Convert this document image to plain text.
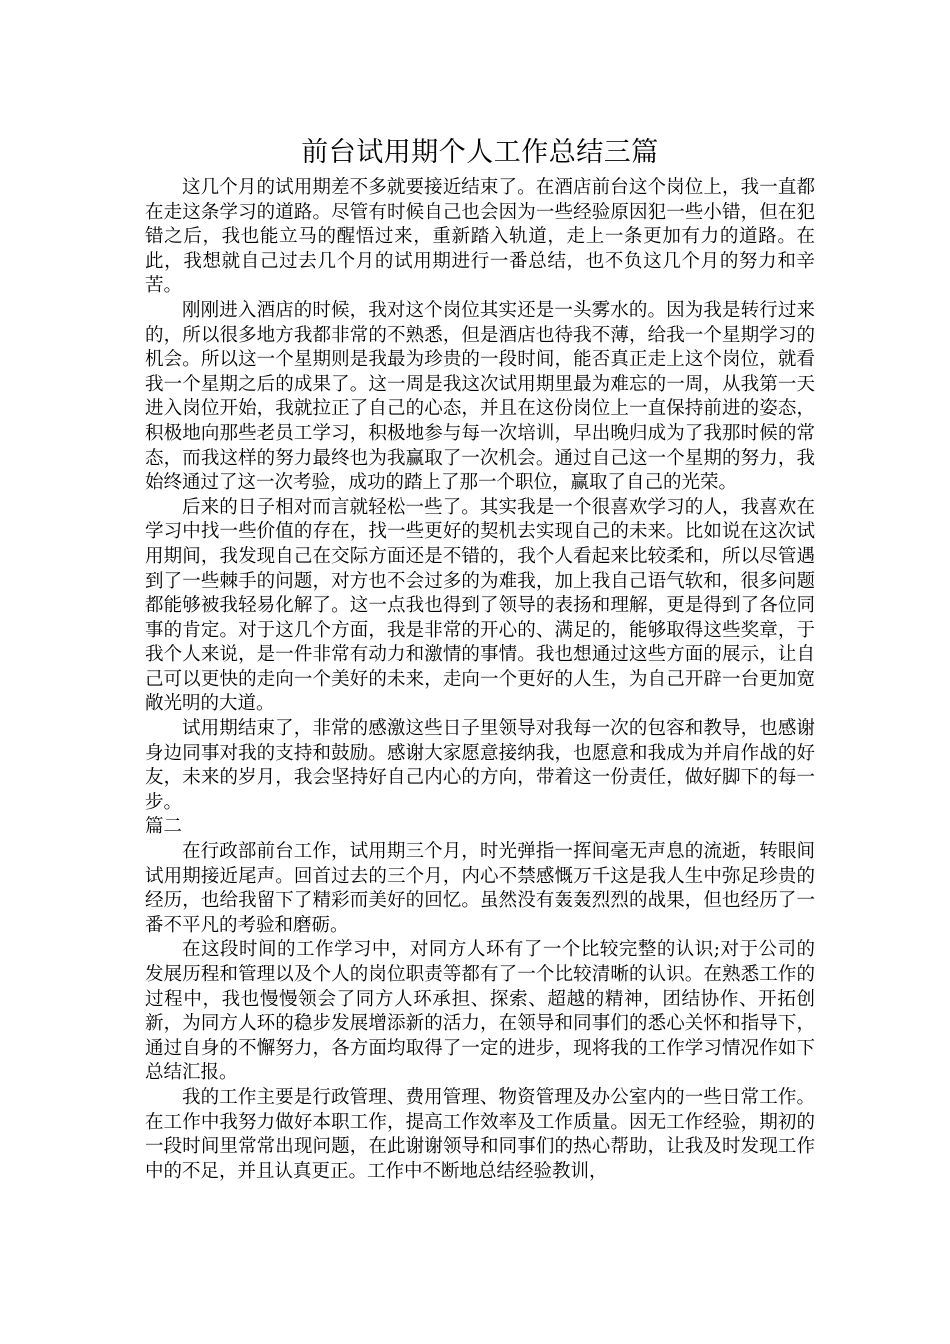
前台试用期个人工作总结三篇

这几个月的试用期差不多就要接近结束了。在酒店前台这个岗位上，我一直都在走这条学习的道路。尽管有时候自己也会因为一些经验原因犯一些小错，但在犯错之后，我也能立马的醒悟过来，重新踏入轨道，走上一条更加有力的道路。在此，我想就自己过去几个月的试用期进行一番总结，也不负这几个月的努力和辛苦。

刚刚进入酒店的时候，我对这个岗位其实还是一头雾水的。因为我是转行过来的，所以很多地方我都非常的不熟悉，但是酒店也待我不薄，给我一个星期学习的机会。所以这一个星期则是我最为珍贵的一段时间，能否真正走上这个岗位，就看我一个星期之后的成果了。这一周是我这次试用期里最为难忘的一周，从我第一天进入岗位开始，我就拉正了自己的心态，并且在这份岗位上一直保持前进的姿态，积极地向那些老员工学习，积极地参与每一次培训，早出晚归成为了我那时候的常态，而我这样的努力最终也为我赢取了一次机会。通过自己这一个星期的努力，我始终通过了这一次考验，成功的踏上了那一个职位，赢取了自己的光荣。

后来的日子相对而言就轻松一些了。其实我是一个很喜欢学习的人，我喜欢在学习中找一些价值的存在，找一些更好的契机去实现自己的未来。比如说在这次试用期间，我发现自己在交际方面还是不错的，我个人看起来比较柔和，所以尽管遇到了一些棘手的问题，对方也不会过多的为难我，加上我自己语气软和，很多问题都能够被我轻易化解了。这一点我也得到了领导的表扬和理解，更是得到了各位同事的肯定。对于这几个方面，我是非常的开心的、满足的，能够取得这些奖章，于我个人来说，是一件非常有动力和激情的事情。我也想通过这些方面的展示，让自己可以更快的走向一个美好的未来，走向一个更好的人生，为自己开辟一台更加宽敞光明的大道。

试用期结束了，非常的感激这些日子里领导对我每一次的包容和教导，也感谢身边同事对我的支持和鼓励。感谢大家愿意接纳我，也愿意和我成为并肩作战的好友，未来的岁月，我会坚持好自己内心的方向，带着这一份责任，做好脚下的每一步。

篇二

在行政部前台工作，试用期三个月，时光弹指一挥间毫无声息的流逝，转眼间试用期接近尾声。回首过去的三个月，内心不禁感慨万千这是我人生中弥足珍贵的经历，也给我留下了精彩而美好的回忆。虽然没有轰轰烈烈的战果，但也经历了一番不平凡的考验和磨砺。

在这段时间的工作学习中，对同方人环有了一个比较完整的认识;对于公司的发展历程和管理以及个人的岗位职责等都有了一个比较清晰的认识。在熟悉工作的过程中，我也慢慢领会了同方人环承担、探索、超越的精神，团结协作、开拓创新，为同方人环的稳步发展增添新的活力，在领导和同事们的悉心关怀和指导下，通过自身的不懈努力，各方面均取得了一定的进步，现将我的工作学习情况作如下总结汇报。

我的工作主要是行政管理、费用管理、物资管理及办公室内的一些日常工作。在工作中我努力做好本职工作，提高工作效率及工作质量。因无工作经验，期初的一段时间里常常出现问题，在此谢谢领导和同事们的热心帮助，让我及时发现工作中的不足，并且认真更正。工作中不断地总结经验教训，
